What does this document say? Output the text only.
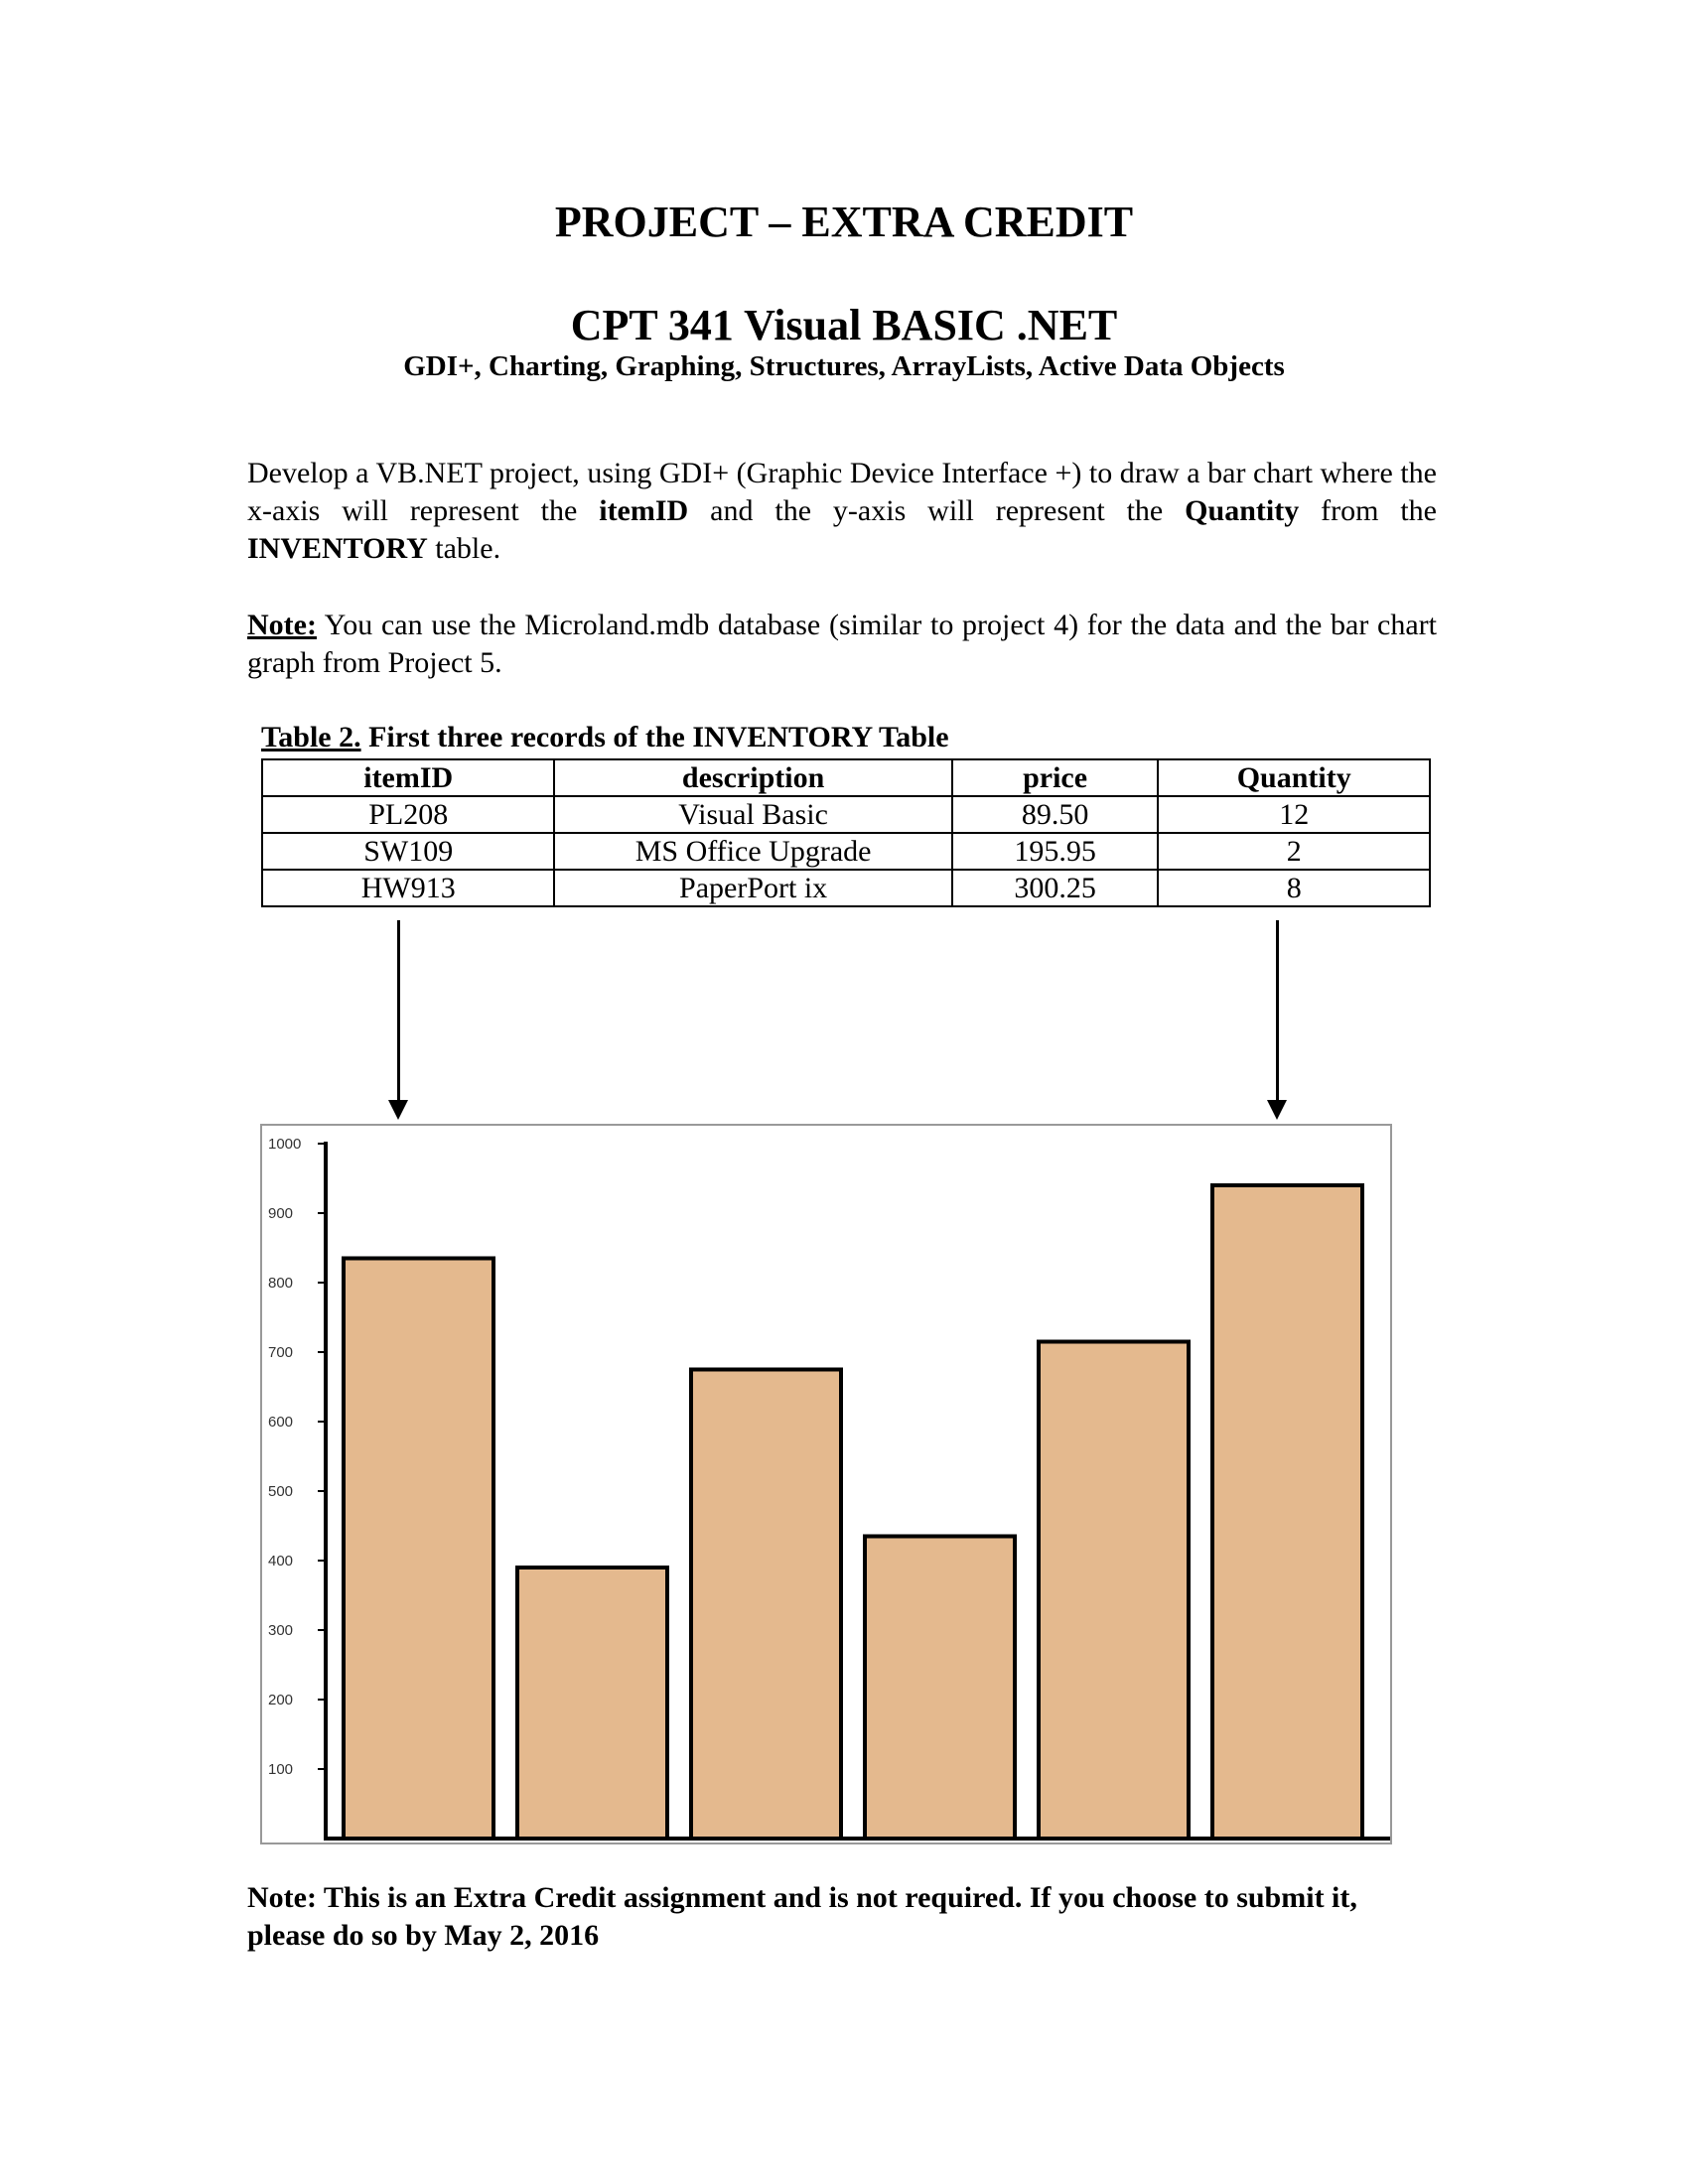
PROJECT – EXTRA CREDIT
CPT 341 Visual BASIC .NET
GDI+, Charting, Graphing, Structures, ArrayLists, Active Data Objects

Develop a VB.NET project, using GDI+ (Graphic Device Interface +) to draw a bar chart where the x-axis will represent the itemID and the y-axis will represent the Quantity from the INVENTORY table.

Note: You can use the Microland.mdb database (similar to project 4) for the data and the bar chart graph from Project 5.

Table 2. First three records of the INVENTORY Table
itemID	description	price	Quantity
PL208	Visual Basic	89.50	12
SW109	MS Office Upgrade	195.95	2
HW913	PaperPort ix	300.25	8
100
200
300
400
500
600
700
800
900
1000

Note: This is an Extra Credit assignment and is not required. If you choose to submit it, please do so by May 2, 2016
